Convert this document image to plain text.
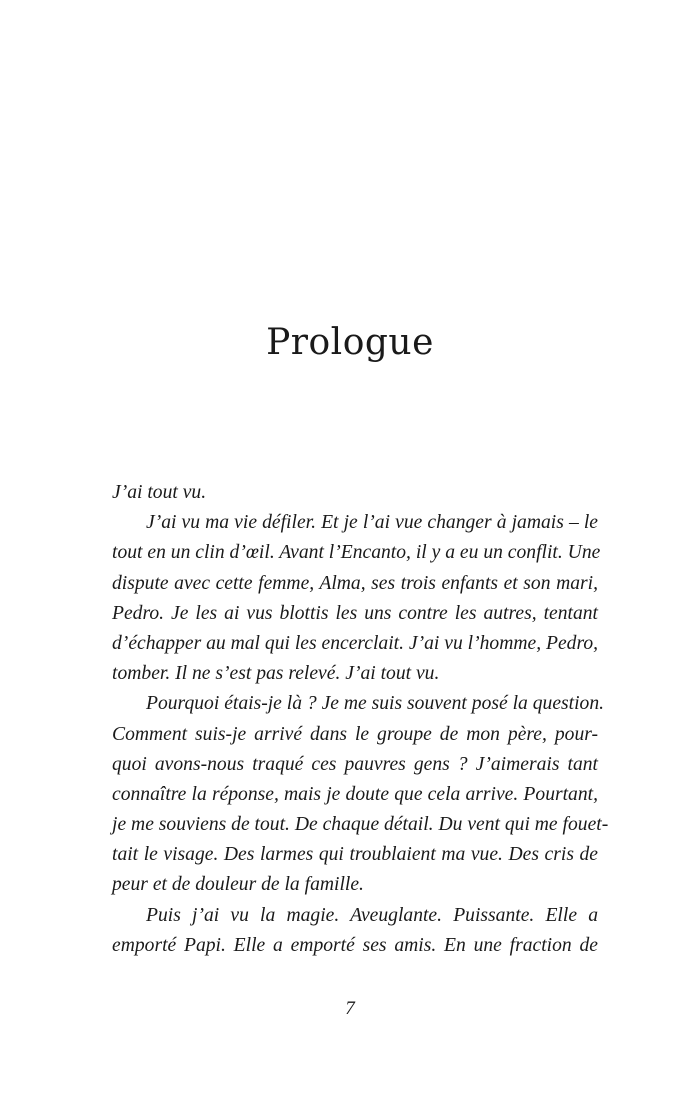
Prologue
J’ai tout vu.
J’ai vu ma vie défiler. Et je l’ai vue changer à jamais – le
tout en un clin d’œil. Avant l’Encanto, il y a eu un conflit. Une
dispute avec cette femme, Alma, ses trois enfants et son mari,
Pedro. Je les ai vus blottis les uns contre les autres, tentant
d’échapper au mal qui les encerclait. J’ai vu l’homme, Pedro,
tomber. Il ne s’est pas relevé. J’ai tout vu.
Pourquoi étais-je là ? Je me suis souvent posé la question.
Comment suis-je arrivé dans le groupe de mon père, pour-
quoi avons-nous traqué ces pauvres gens ? J’aimerais tant
connaître la réponse, mais je doute que cela arrive. Pourtant,
je me souviens de tout. De chaque détail. Du vent qui me fouet-
tait le visage. Des larmes qui troublaient ma vue. Des cris de
peur et de douleur de la famille.
Puis j’ai vu la magie. Aveuglante. Puissante. Elle a
emporté Papi. Elle a emporté ses amis. En une fraction de
7
